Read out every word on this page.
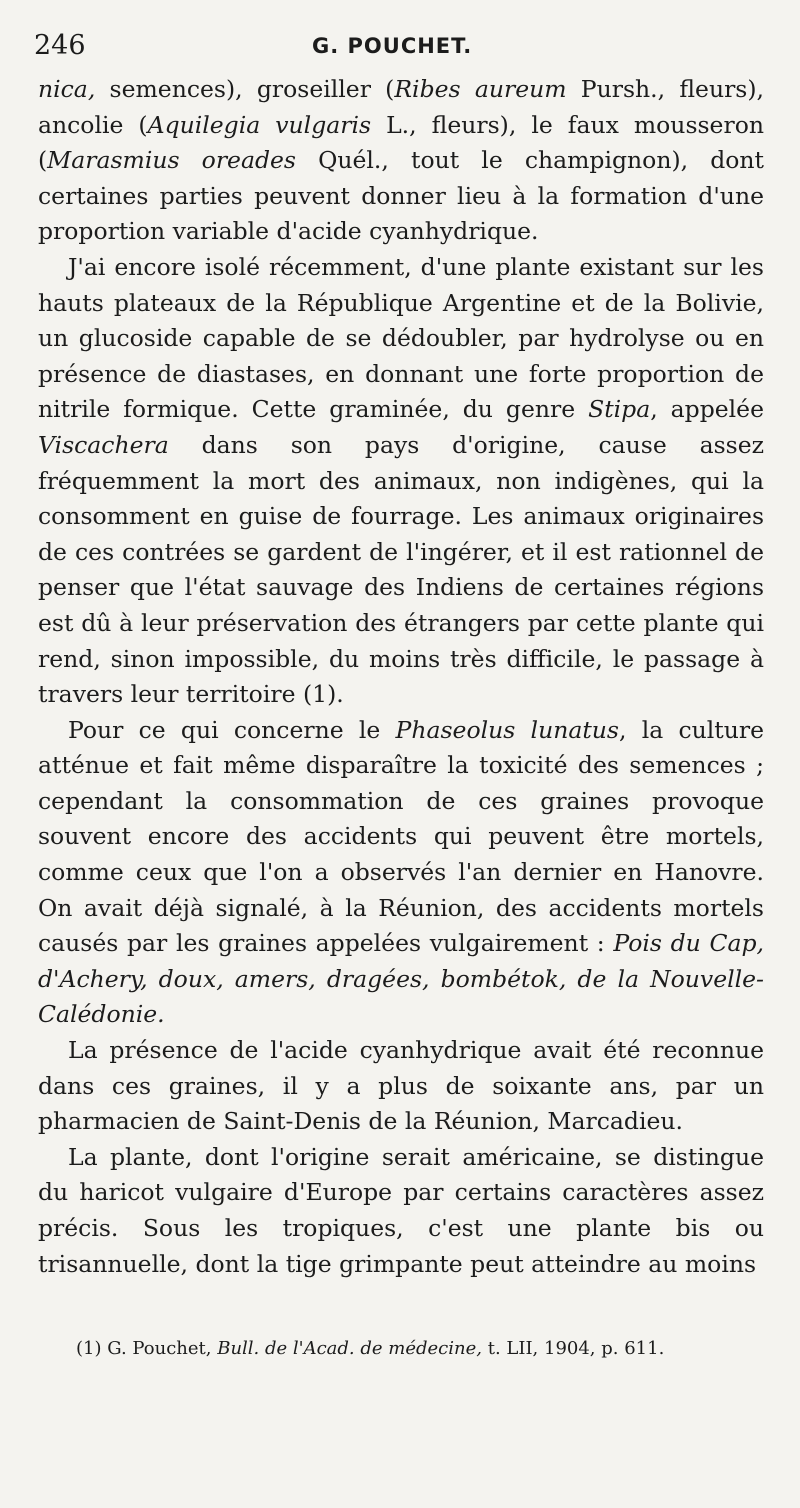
246	G. POUCHET.

nica, semences), groseiller (Ribes aureum Pursh., fleurs), ancolie (Aquilegia vulgaris L., fleurs), le faux mousseron (Marasmius oreades Quél., tout le champignon), dont certaines parties peuvent donner lieu à la formation d'une proportion variable d'acide cyanhydrique.

J'ai encore isolé récemment, d'une plante existant sur les hauts plateaux de la République Argentine et de la Bolivie, un glucoside capable de se dédoubler, par hydrolyse ou en présence de diastases, en donnant une forte proportion de nitrile formique. Cette graminée, du genre Stipa, appelée Viscachera dans son pays d'origine, cause assez fréquemment la mort des animaux, non indigènes, qui la consomment en guise de fourrage. Les animaux originaires de ces contrées se gardent de l'ingérer, et il est rationnel de penser que l'état sauvage des Indiens de certaines régions est dû à leur préservation des étrangers par cette plante qui rend, sinon impossible, du moins très difficile, le passage à travers leur territoire (1).

Pour ce qui concerne le Phaseolus lunatus, la culture atténue et fait même disparaître la toxicité des semences ; cependant la consommation de ces graines provoque souvent encore des accidents qui peuvent être mortels, comme ceux que l'on a observés l'an dernier en Hanovre. On avait déjà signalé, à la Réunion, des accidents mortels causés par les graines appelées vulgairement : Pois du Cap, d'Achery, doux, amers, dragées, bombétok, de la Nouvelle-Calédonie.

La présence de l'acide cyanhydrique avait été reconnue dans ces graines, il y a plus de soixante ans, par un pharmacien de Saint-Denis de la Réunion, Marcadieu.

La plante, dont l'origine serait américaine, se distingue du haricot vulgaire d'Europe par certains caractères assez précis. Sous les tropiques, c'est une plante bis ou trisannuelle, dont la tige grimpante peut atteindre au moins

(1) G. Pouchet, Bull. de l'Acad. de médecine, t. LII, 1904, p. 611.
